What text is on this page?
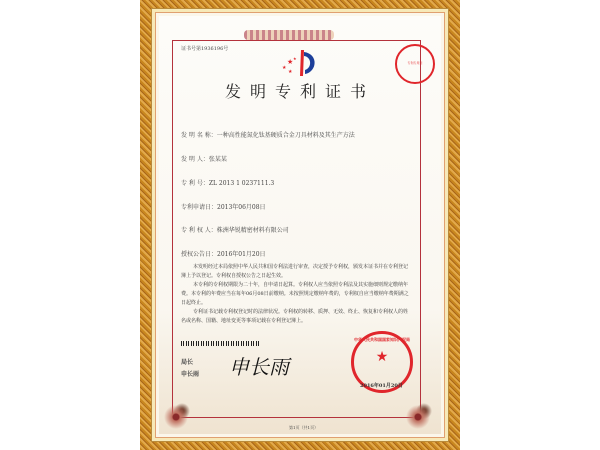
证书号第1936196号
★
★
★
★
专利专用章
发明专利证书
发 明 名 称：一种高性能氮化钛基硬质合金刀具材料及其生产方法
发 明 人：张某某
专 利 号：ZL 2013 1 0237111.3
专利申请日：2013年06月08日
专 利 权 人：株洲华锐精密材料有限公司
授权公告日：2016年01月20日
本发明经过本局依照中华人民共和国专利法进行审查，决定授予专利权，颁发本证书并在专利登记簿上予以登记。专利权自授权公告之日起生效。
本专利的专利权期限为二十年，自申请日起算。专利权人应当依照专利法及其实施细则规定缴纳年费。本专利的年费应当在每年06月08日前缴纳。未按照规定缴纳年费的，专利权自应当缴纳年费期满之日起终止。
专利证书记载专利权登记时的法律状况。专利权的转移、质押、无效、终止、恢复和专利权人的姓名或名称、国籍、地址变更等事项记载在专利登记簿上。
局长
申长雨 申长雨
中华人民共和国国家知识产权局
★
2016年01月20日
第1页（共1页）
